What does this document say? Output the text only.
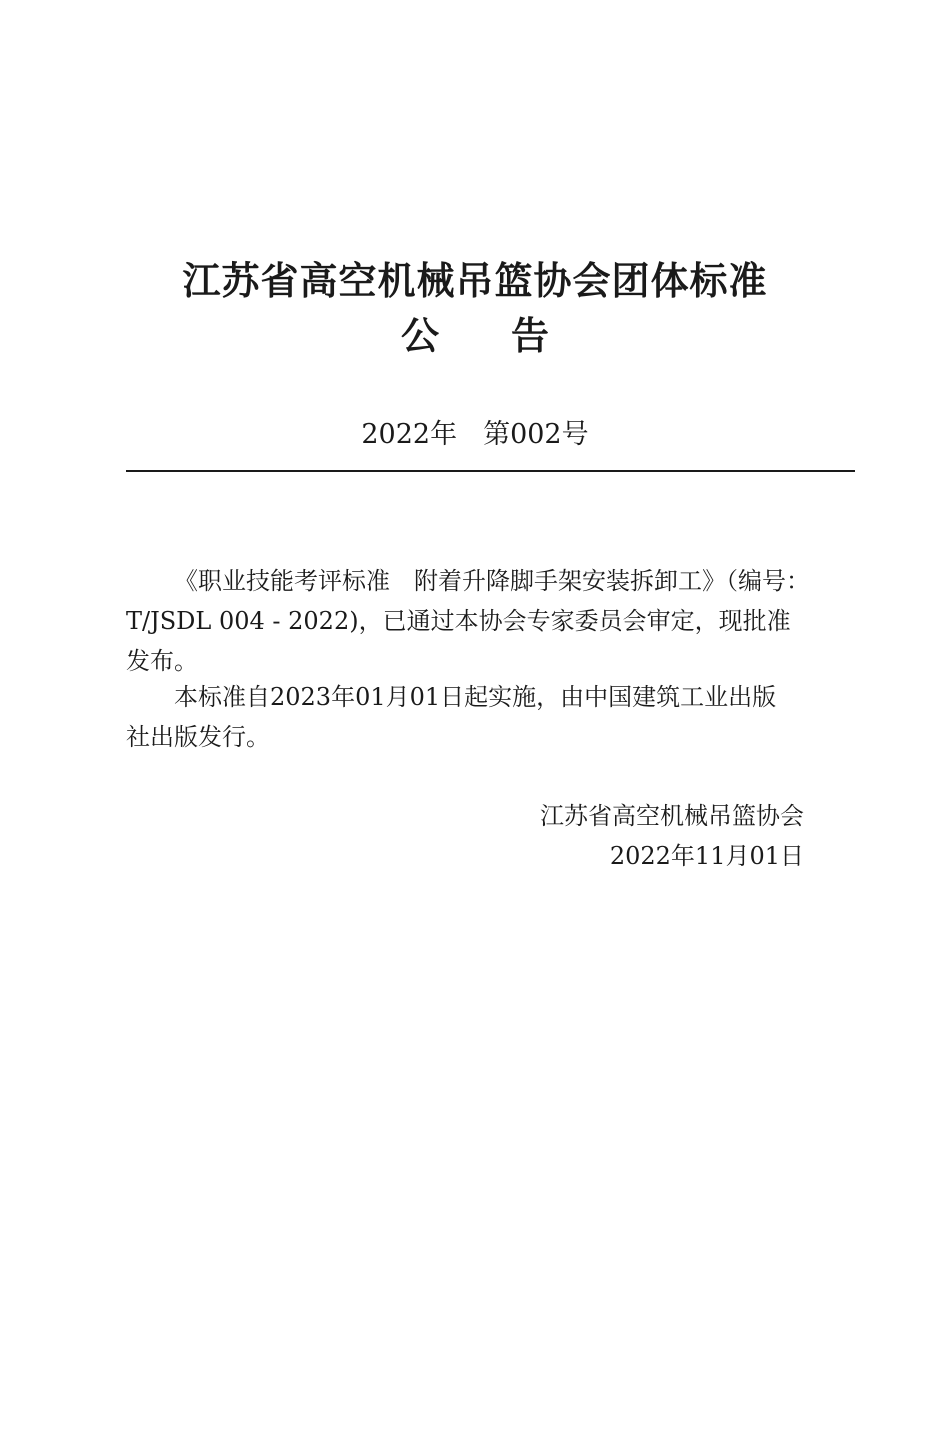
江苏省高空机械吊篮协会团体标准
公告
2022年 第002号
《职业技能考评标准　附着升降脚手架安装拆卸工》（编号：
T/JSDL 004 - 2022)，已通过本协会专家委员会审定，现批准
发布。
本标准自2023年01月01日起实施，由中国建筑工业出版
社出版发行。
江苏省高空机械吊篮协会
2022年11月01日
